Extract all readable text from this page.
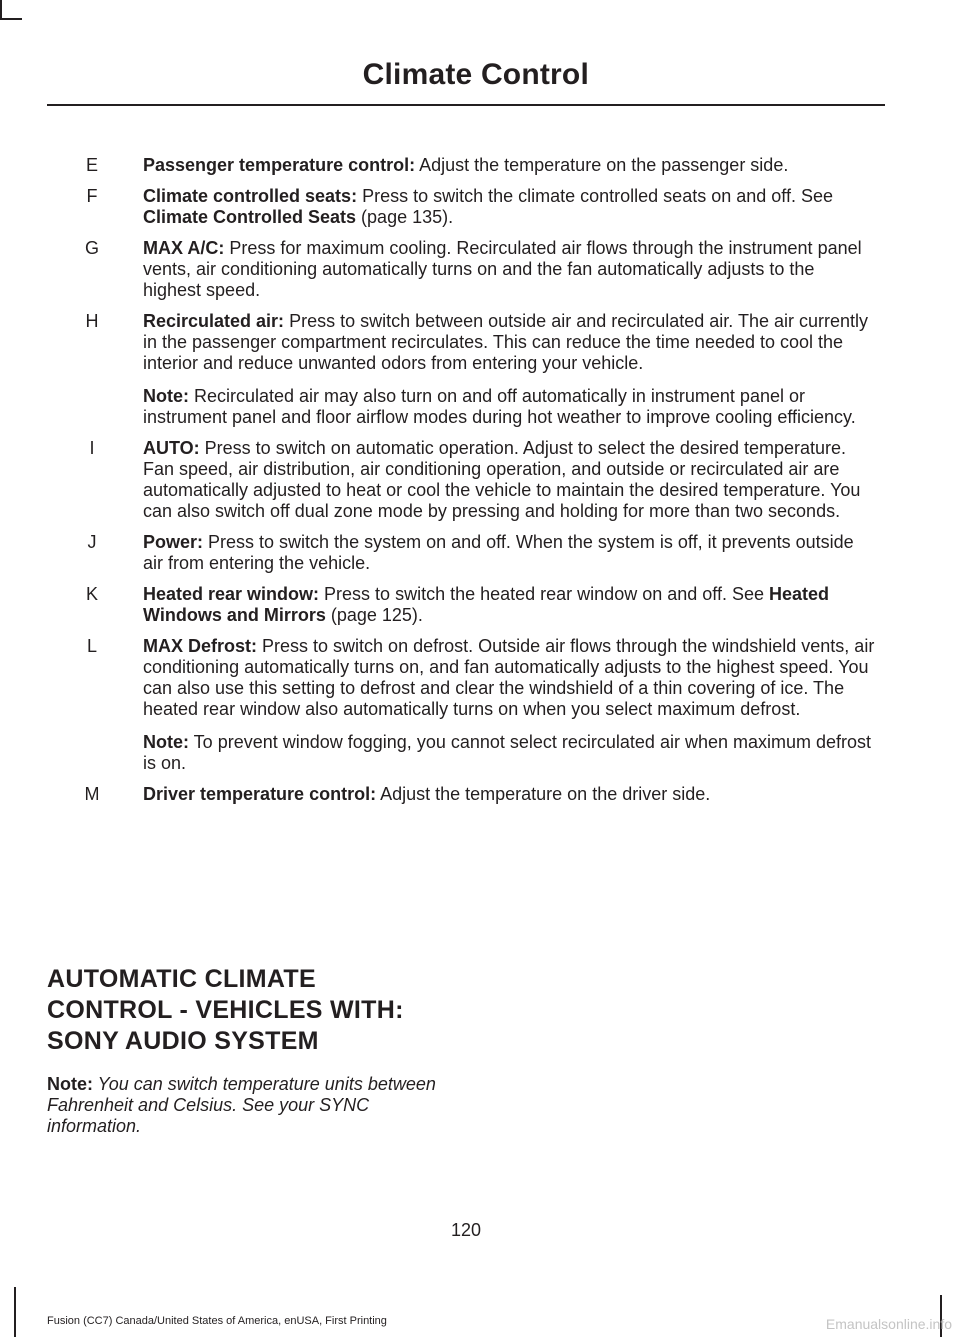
Climate Control
E	Passenger temperature control: Adjust the temperature on the passenger side.
F	Climate controlled seats: Press to switch the climate controlled seats on and off. See Climate Controlled Seats (page 135).
G	MAX A/C: Press for maximum cooling. Recirculated air flows through the instrument panel vents, air conditioning automatically turns on and the fan automatically adjusts to the highest speed.
H	Recirculated air: Press to switch between outside air and recirculated air. The air currently in the passenger compartment recirculates. This can reduce the time needed to cool the interior and reduce unwanted odors from entering your vehicle.
Note: Recirculated air may also turn on and off automatically in instrument panel or instrument panel and floor airflow modes during hot weather to improve cooling efficiency.
I	AUTO: Press to switch on automatic operation. Adjust to select the desired temperature. Fan speed, air distribution, air conditioning operation, and outside or recirculated air are automatically adjusted to heat or cool the vehicle to maintain the desired temperature. You can also switch off dual zone mode by pressing and holding for more than two seconds.
J	Power: Press to switch the system on and off. When the system is off, it prevents outside air from entering the vehicle.
K	Heated rear window: Press to switch the heated rear window on and off. See Heated Windows and Mirrors (page 125).
L	MAX Defrost: Press to switch on defrost. Outside air flows through the windshield vents, air conditioning automatically turns on, and fan automatically adjusts to the highest speed. You can also use this setting to defrost and clear the windshield of a thin covering of ice. The heated rear window also automatically turns on when you select maximum defrost.
Note: To prevent window fogging, you cannot select recirculated air when maximum defrost is on.
M	Driver temperature control: Adjust the temperature on the driver side.
AUTOMATIC CLIMATE
CONTROL - VEHICLES WITH:
SONY AUDIO SYSTEM
Note: You can switch temperature units between Fahrenheit and Celsius. See your SYNC information.
120
Fusion (CC7) Canada/United States of America, enUSA, First Printing	Emanualsonline.info
